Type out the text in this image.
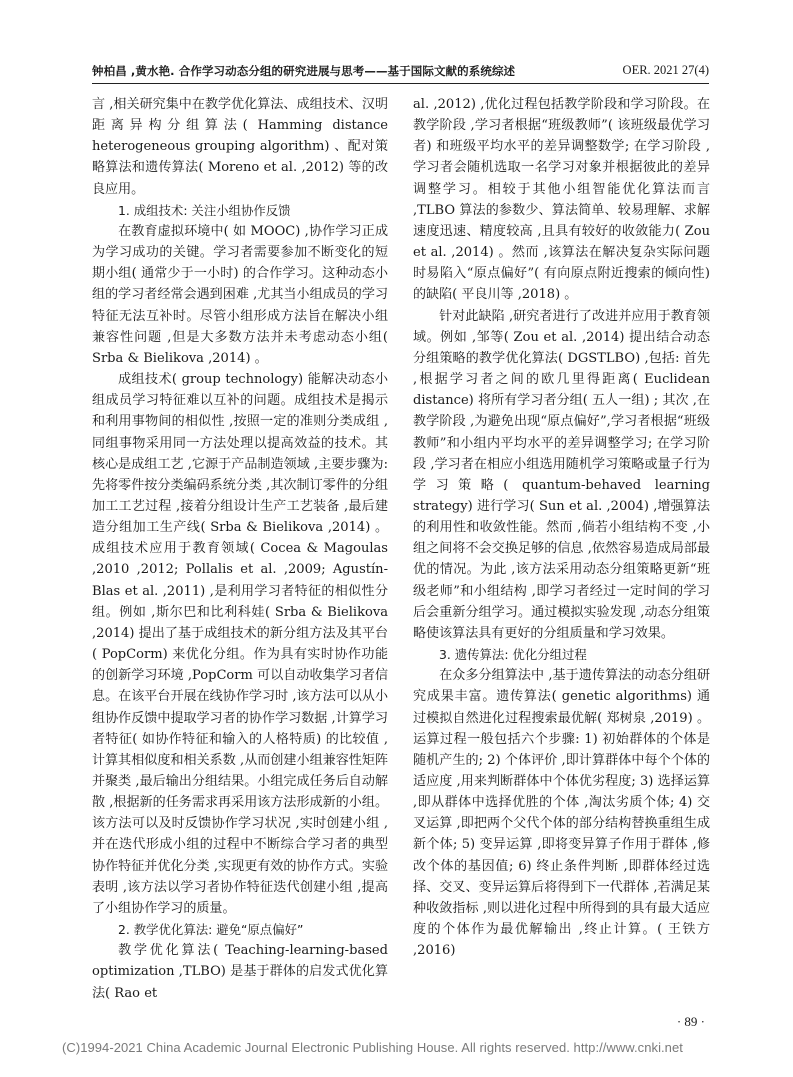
钟柏昌 ,黄水艳. 合作学习动态分组的研究进展与思考——基于国际文献的系统综述	OER. 2021 27(4)

言 ,相关研究集中在教学优化算法、成组技术、汉明距离异构分组算法( Hamming distance heterogeneous grouping algorithm) 、配对策略算法和遗传算法( Moreno et al. ,2012) 等的改良应用。

1. 成组技术: 关注小组协作反馈

在教育虚拟环境中( 如 MOOC) ,协作学习正成为学习成功的关键。学习者需要参加不断变化的短期小组( 通常少于一小时) 的合作学习。这种动态小组的学习者经常会遇到困难 ,尤其当小组成员的学习特征无法互补时。尽管小组形成方法旨在解决小组兼容性问题 ,但是大多数方法并未考虑动态小组( Srba & Bielikova ,2014) 。

成组技术( group technology) 能解决动态小组成员学习特征难以互补的问题。成组技术是揭示和利用事物间的相似性 ,按照一定的准则分类成组 ,同组事物采用同一方法处理以提高效益的技术。其核心是成组工艺 ,它源于产品制造领域 ,主要步骤为: 先将零件按分类编码系统分类 ,其次制订零件的分组加工工艺过程 ,接着分组设计生产工艺装备 ,最后建造分组加工生产线( Srba & Bielikova ,2014) 。成组技术应用于教育领域( Cocea & Magoulas ,2010 ,2012; Pollalis et al. ,2009; Agustín-Blas et al. ,2011) ,是利用学习者特征的相似性分组。例如 ,斯尔巴和比利科娃( Srba & Bielikova ,2014) 提出了基于成组技术的新分组方法及其平台( PopCorm) 来优化分组。作为具有实时协作功能的创新学习环境 ,PopCorm 可以自动收集学习者信息。在该平台开展在线协作学习时 ,该方法可以从小组协作反馈中提取学习者的协作学习数据 ,计算学习者特征( 如协作特征和输入的人格特质) 的比较值 ,计算其相似度和相关系数 ,从而创建小组兼容性矩阵并聚类 ,最后输出分组结果。小组完成任务后自动解散 ,根据新的任务需求再采用该方法形成新的小组。该方法可以及时反馈协作学习状况 ,实时创建小组 ,并在迭代形成小组的过程中不断综合学习者的典型协作特征并优化分类 ,实现更有效的协作方式。实验表明 ,该方法以学习者协作特征迭代创建小组 ,提高了小组协作学习的质量。

2. 教学优化算法: 避免“原点偏好”

教学优化算法( Teaching-learning-based optimization ,TLBO) 是基于群体的启发式优化算法( Rao et

al. ,2012) ,优化过程包括教学阶段和学习阶段。在教学阶段 ,学习者根据“班级教师”( 该班级最优学习者) 和班级平均水平的差异调整数学; 在学习阶段 ,学习者会随机选取一名学习对象并根据彼此的差异调整学习。相较于其他小组智能优化算法而言 ,TLBO 算法的参数少、算法简单、较易理解、求解速度迅速、精度较高 ,且具有较好的收敛能力( Zou et al. ,2014) 。然而 ,该算法在解决复杂实际问题时易陷入“原点偏好”( 有向原点附近搜索的倾向性) 的缺陷( 平良川等 ,2018) 。

针对此缺陷 ,研究者进行了改进并应用于教育领域。例如 ,邹等( Zou et al. ,2014) 提出结合动态分组策略的教学优化算法( DGSTLBO) ,包括: 首先 ,根据学习者之间的欧几里得距离( Euclidean distance) 将所有学习者分组( 五人一组) ; 其次 ,在教学阶段 ,为避免出现“原点偏好”,学习者根据“班级教师”和小组内平均水平的差异调整学习; 在学习阶段 ,学习者在相应小组选用随机学习策略或量子行为学习策略( quantum-behaved learning strategy) 进行学习( Sun et al. ,2004) ,增强算法的利用性和收敛性能。然而 ,倘若小组结构不变 ,小组之间将不会交换足够的信息 ,依然容易造成局部最优的情况。为此 ,该方法采用动态分组策略更新“班级老师”和小组结构 ,即学习者经过一定时间的学习后会重新分组学习。通过模拟实验发现 ,动态分组策略使该算法具有更好的分组质量和学习效果。

3. 遗传算法: 优化分组过程

在众多分组算法中 ,基于遗传算法的动态分组研究成果丰富。遗传算法( genetic algorithms) 通过模拟自然进化过程搜索最优解( 郑树泉 ,2019) 。运算过程一般包括六个步骤: 1) 初始群体的个体是随机产生的; 2) 个体评价 ,即计算群体中每个个体的适应度 ,用来判断群体中个体优劣程度; 3) 选择运算 ,即从群体中选择优胜的个体 ,淘汰劣质个体; 4) 交叉运算 ,即把两个父代个体的部分结构替换重组生成新个体; 5) 变异运算 ,即将变异算子作用于群体 ,修改个体的基因值; 6) 终止条件判断 ,即群体经过选择、交叉、变异运算后将得到下一代群体 ,若满足某种收敛指标 ,则以进化过程中所得到的具有最大适应度的个体作为最优解输出 ,终止计算。( 王铁方 ,2016)

· 89 ·
(C)1994-2021 China Academic Journal Electronic Publishing House. All rights reserved. http://www.cnki.net
